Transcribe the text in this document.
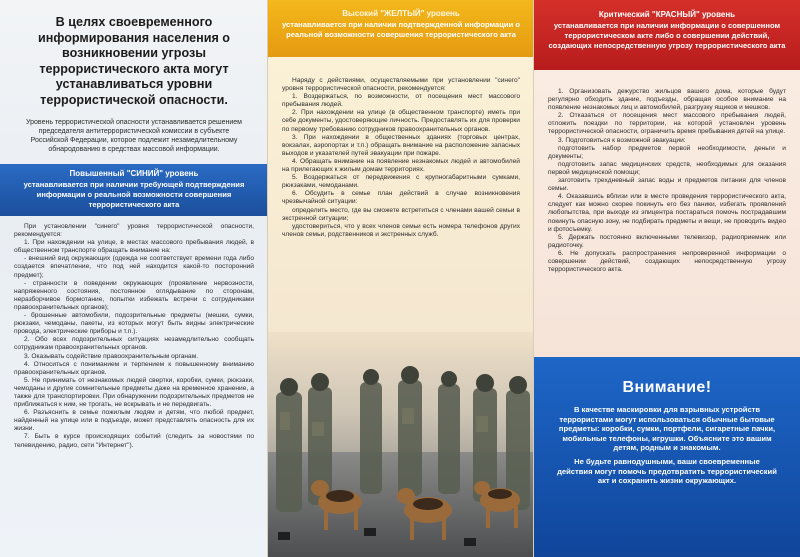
В целях своевременного
информирования населения о
возникновении угрозы
террористического акта могут
устанавливаться уровни
террористической опасности.
Уровень террористической опасности устанавливается решением председателя антитеррористической комиссии в субъекте Российской Федерации, которое подлежит незамедлительному обнародованию в средствах массовой информации.
Повышенный "СИНИЙ" уровень
устанавливается при наличии требующей подтверждения информации о реальной возможности совершения террористического акта

При установлении "синего" уровня террористической опасности, рекомендуется:

1. При нахождении на улице, в местах массового пребывания людей, в общественном транспорте обращать внимание на:

- внешний вид окружающих (одежда не соответствует времени года либо создается впечатление, что под ней находится какой-то посторонний предмет);

- странности в поведении окружающих (проявление нервозности, напряженного состояния, постоянное оглядывание по сторонам, неразборчивое бормотание, попытки избежать встречи с сотрудниками правоохранительных органов);

- брошенные автомобили, подозрительные предметы (мешки, сумки, рюкзаки, чемоданы, пакеты, из которых могут быть видны электрические провода, электрические приборы и т.п.).

2. Обо всех подозрительных ситуациях незамедлительно сообщать сотрудникам правоохранительных органов.

3. Оказывать содействие правоохранительным органам.

4. Относиться с пониманием и терпением к повышенному вниманию правоохранительных органов.

5. Не принимать от незнакомых людей свертки, коробки, сумки, рюкзаки, чемоданы и другие сомнительные предметы даже на временное хранение, а также для транспортировки. При обнаружении подозрительных предметов не приближаться к ним, не трогать, не вскрывать и не передвигать.

6. Разъяснить в семье пожилым людям и детям, что любой предмет, найденный на улице или в подъезде, может представлять опасность для их жизни.

7. Быть в курсе происходящих событий (следить за новостями по телевидению, радио, сети "Интернет").

Высокий "ЖЕЛТЫЙ" уровень
устанавливается при наличии подтвержденной информации о реальной возможности совершения террористического акта

Наряду с действиями, осуществляемыми при установлении "синего" уровня террористической опасности, рекомендуется:

1. Воздержаться, по возможности, от посещения мест массового пребывания людей.

2. При нахождении на улице (в общественном транспорте) иметь при себе документы, удостоверяющие личность. Предоставлять их для проверки по первому требованию сотрудников правоохранительных органов.

3. При нахождении в общественных зданиях (торговых центрах, вокзалах, аэропортах и т.п.) обращать внимание на расположение запасных выходов и указателей путей эвакуации при пожаре.

4. Обращать внимание на появление незнакомых людей и автомобилей на прилегающих к жилым домам территориях.

5. Воздержаться от передвижения с крупногабаритными сумками, рюкзаками, чемоданами.

6. Обсудить в семье план действий в случае возникновения чрезвычайной ситуации:

определить место, где вы сможете встретиться с членами вашей семьи в экстренной ситуации;

удостовериться, что у всех членов семьи есть номера телефонов других членов семьи, родственников и экстренных служб.

Критический "КРАСНЫЙ" уровень
устанавливается при наличии информации о совершенном террористическом акте либо о совершении действий, создающих непосредственную угрозу террористического акта

1. Организовать дежурство жильцов вашего дома, которые будут регулярно обходить здание, подъезды, обращая особое внимание на появление незнакомых лиц и автомобилей, разгрузку ящиков и мешков.

2. Отказаться от посещения мест массового пребывания людей, отложить поездки по территории, на которой установлен уровень террористической опасности, ограничить время пребывания детей на улице.

3. Подготовиться к возможной эвакуации:

подготовить набор предметов первой необходимости, деньги и документы;

подготовить запас медицинских средств, необходимых для оказания первой медицинской помощи;

заготовить трехдневный запас воды и предметов питания для членов семьи.

4. Оказавшись вблизи или в месте проведения террористического акта, следует как можно скорее покинуть его без паники, избегать проявлений любопытства, при выходе из эпицентра постараться помочь пострадавшим покинуть опасную зону, не подбирать предметы и вещи, не проводить видео и фотосъемку.

5. Держать постоянно включенными телевизор, радиоприемник или радиоточку.

6. Не допускать распространения непроверенной информации о совершении действий, создающих непосредственную угрозу террористического акта.

Внимание!

В качестве маскировки для взрывных устройств террористами могут использоваться обычные бытовые предметы: коробки, сумки, портфели, сигаретные пачки, мобильные телефоны, игрушки. Объясните это вашим детям, родным и знакомым.

Не будьте равнодушными, ваши своевременные действия могут помочь предотвратить террористический акт и сохранить жизни окружающих.
